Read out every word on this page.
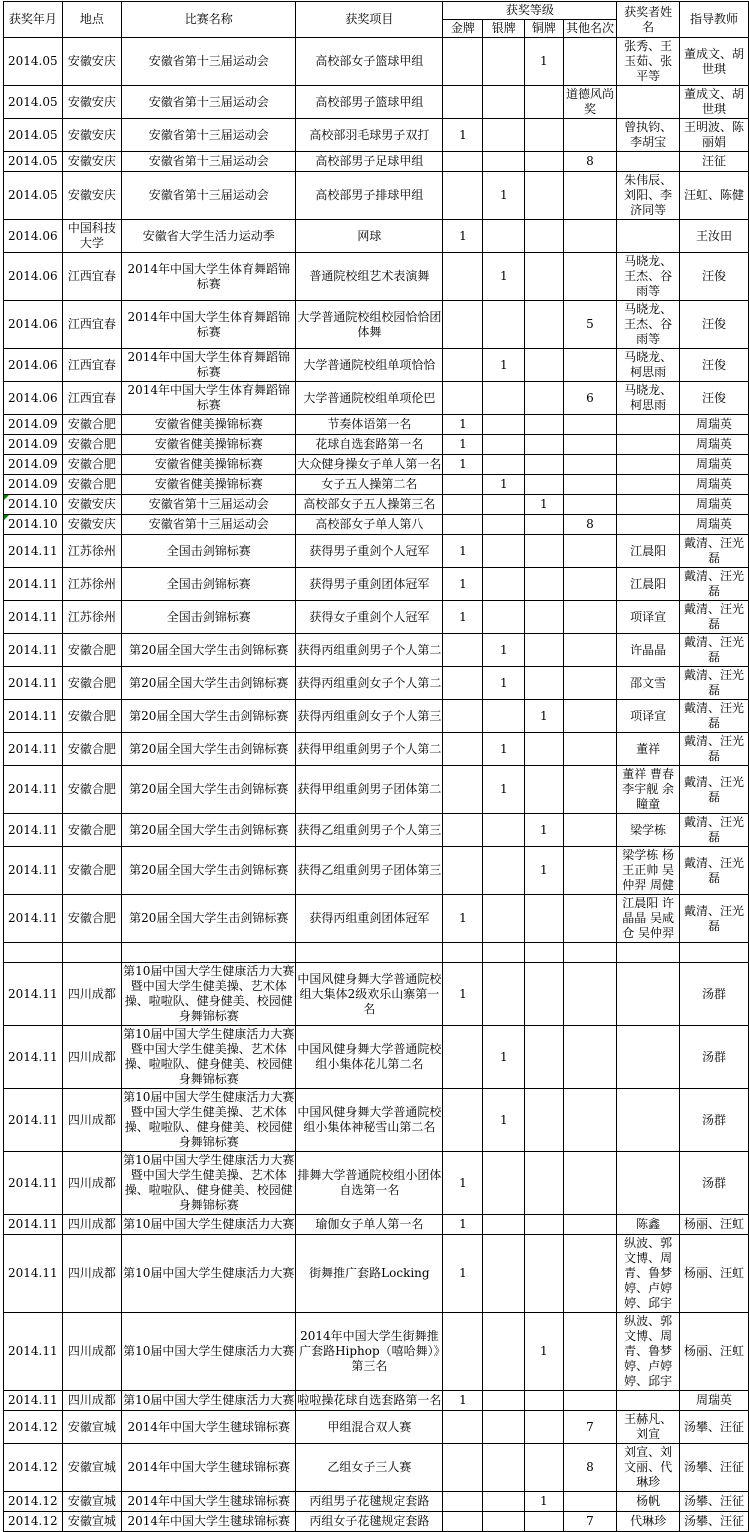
获奖年月	地点	比赛名称	获奖项目	获奖等级				获奖者姓名	指导教师
				金牌	银牌	铜牌	其他名次		
2014.05	安徽安庆	安徽省第十三届运动会	高校部女子篮球甲组			1		张秀、王玉茹、张平等	董成文、胡世琪
2014.05	安徽安庆	安徽省第十三届运动会	高校部男子篮球甲组				道德风尚奖		董成文、胡世琪
2014.05	安徽安庆	安徽省第十三届运动会	高校部羽毛球男子双打	1				曾执钧、李胡宝	王明波、陈丽娟
2014.05	安徽安庆	安徽省第十三届运动会	高校部男子足球甲组				8		汪征
2014.05	安徽安庆	安徽省第十三届运动会	高校部男子排球甲组		1			朱伟辰、刘阳、李济同等	汪虹、陈健
2014.06	中国科技大学	安徽省大学生活力运动季	网球	1					王汝田
2014.06	江西宜春	2014年中国大学生体育舞蹈锦标赛	普通院校组艺术表演舞		1			马晓龙、王杰、谷雨等	汪俊
2014.06	江西宜春	2014年中国大学生体育舞蹈锦标赛	大学普通院校组校园恰恰团体舞				5	马晓龙、王杰、谷雨等	汪俊
2014.06	江西宜春	2014年中国大学生体育舞蹈锦标赛	大学普通院校组单项恰恰		1			马晓龙、柯思雨	汪俊
2014.06	江西宜春	2014年中国大学生体育舞蹈锦标赛	大学普通院校组单项伦巴				6	马晓龙、柯思雨	汪俊
2014.09	安徽合肥	安徽省健美操锦标赛	节奏体语第一名	1					周瑞英
2014.09	安徽合肥	安徽省健美操锦标赛	花球自选套路第一名	1					周瑞英
2014.09	安徽合肥	安徽省健美操锦标赛	大众健身操女子单人第一名	1					周瑞英
2014.09	安徽合肥	安徽省健美操锦标赛	女子五人操第二名		1				周瑞英
2014.10	安徽安庆	安徽省第十三届运动会	高校部女子五人操第三名			1			周瑞英
2014.10	安徽安庆	安徽省第十三届运动会	高校部女子单人第八				8		周瑞英
2014.11	江苏徐州	全国击剑锦标赛	获得男子重剑个人冠军	1				江晨阳	戴清、汪光磊
2014.11	江苏徐州	全国击剑锦标赛	获得男子重剑团体冠军	1				江晨阳	戴清、汪光磊
2014.11	江苏徐州	全国击剑锦标赛	获得女子重剑个人冠军	1				项译宣	戴清、汪光磊
2014.11	安徽合肥	第20届全国大学生击剑锦标赛	获得丙组重剑男子个人第二		1			许晶晶	戴清、汪光磊
2014.11	安徽合肥	第20届全国大学生击剑锦标赛	获得丙组重剑女子个人第二		1			邵文雪	戴清、汪光磊
2014.11	安徽合肥	第20届全国大学生击剑锦标赛	获得丙组重剑女子个人第三			1		项译宣	戴清、汪光磊
2014.11	安徽合肥	第20届全国大学生击剑锦标赛	获得甲组重剑男子个人第二		1			董祥	戴清、汪光磊
2014.11	安徽合肥	第20届全国大学生击剑锦标赛	获得甲组重剑男子团体第二		1			董祥 曹春 李宇舰 余瞳童	戴清、汪光磊
2014.11	安徽合肥	第20届全国大学生击剑锦标赛	获得乙组重剑男子个人第三			1		梁学栋	戴清、汪光磊
2014.11	安徽合肥	第20届全国大学生击剑锦标赛	获得乙组重剑男子团体第三			1		梁学栋 杨 王正帅 吴仲羿 周健	戴清、汪光磊
2014.11	安徽合肥	第20届全国大学生击剑锦标赛	获得丙组重剑团体冠军	1				江晨阳 许晶晶 吴咸仓 吴仲羿	戴清、汪光磊

2014.11	四川成都	第10届中国大学生健康活力大赛暨中国大学生健美操、艺术体操、啦啦队、健身健美、校园健身舞锦标赛	中国风健身舞大学普通院校组大集体2级欢乐山寨第一名	1					汤群
2014.11	四川成都	第10届中国大学生健康活力大赛暨中国大学生健美操、艺术体操、啦啦队、健身健美、校园健身舞锦标赛	中国风健身舞大学普通院校组小集体花儿第二名		1				汤群
2014.11	四川成都	第10届中国大学生健康活力大赛暨中国大学生健美操、艺术体操、啦啦队、健身健美、校园健身舞锦标赛	中国风健身舞大学普通院校组小集体神秘雪山第二名		1				汤群
2014.11	四川成都	第10届中国大学生健康活力大赛暨中国大学生健美操、艺术体操、啦啦队、健身健美、校园健身舞锦标赛	排舞大学普通院校组小团体自选第一名	1					汤群
2014.11	四川成都	第10届中国大学生健康活力大赛	瑜伽女子单人第一名	1				陈鑫	杨丽、汪虹
2014.11	四川成都	第10届中国大学生健康活力大赛	街舞推广套路Locking	1				纵波、郭文博、周青、鲁梦婷、卢婷婷、邱宇	杨丽、汪虹
2014.11	四川成都	第10届中国大学生健康活力大赛	2014年中国大学生街舞推广套路Hiphop（嘻哈舞）》第三名			1		纵波、郭文博、周青、鲁梦婷、卢婷婷、邱宇	杨丽、汪虹
2014.11	四川成都	第10届中国大学生健康活力大赛	啦啦操花球自选套路第一名	1					周瑞英
2014.12	安徽宣城	2014年中国大学生毽球锦标赛	甲组混合双人赛				7	王赫凡、刘宣	汤攀、汪征
2014.12	安徽宣城	2014年中国大学生毽球锦标赛	乙组女子三人赛				8	刘宣、刘文丽、代琳珍	汤攀、汪征
2014.12	安徽宣城	2014年中国大学生毽球锦标赛	丙组男子花毽规定套路			1		杨帆	汤攀、汪征
2014.12	安徽宣城	2014年中国大学生毽球锦标赛	丙组女子花毽规定套路				7	代琳珍	汤攀、汪征
